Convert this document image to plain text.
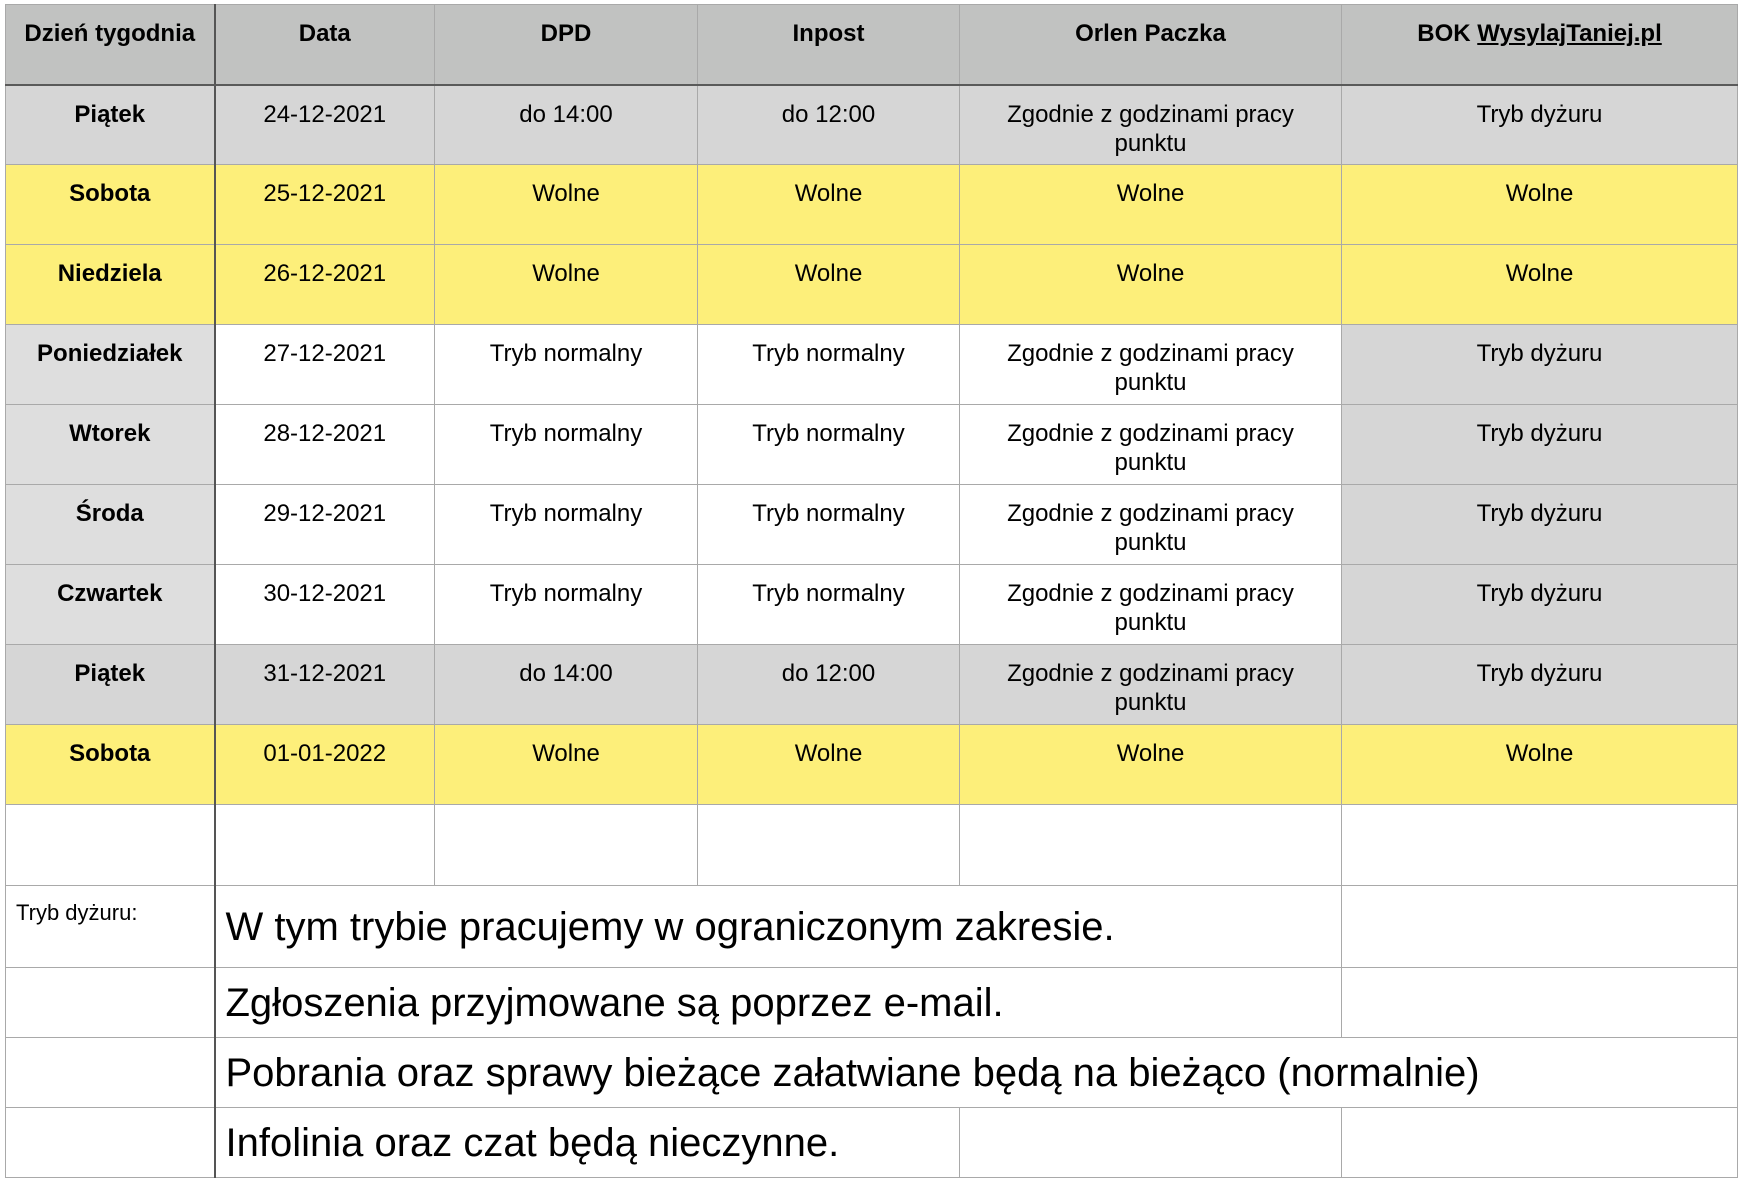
Dzień tygodnia	Data	DPD	Inpost	Orlen Paczka	BOK WysylajTaniej.pl
Piątek	24-12-2021	do 14:00	do 12:00	Zgodnie z godzinami pracy punktu	Tryb dyżuru
Sobota	25-12-2021	Wolne	Wolne	Wolne	Wolne
Niedziela	26-12-2021	Wolne	Wolne	Wolne	Wolne
Poniedziałek	27-12-2021	Tryb normalny	Tryb normalny	Zgodnie z godzinami pracy punktu	Tryb dyżuru
Wtorek	28-12-2021	Tryb normalny	Tryb normalny	Zgodnie z godzinami pracy punktu	Tryb dyżuru
Środa	29-12-2021	Tryb normalny	Tryb normalny	Zgodnie z godzinami pracy punktu	Tryb dyżuru
Czwartek	30-12-2021	Tryb normalny	Tryb normalny	Zgodnie z godzinami pracy punktu	Tryb dyżuru
Piątek	31-12-2021	do 14:00	do 12:00	Zgodnie z godzinami pracy punktu	Tryb dyżuru
Sobota	01-01-2022	Wolne	Wolne	Wolne	Wolne

Tryb dyżuru:	W tym trybie pracujemy w ograniczonym zakresie.				
	Zgłoszenia przyjmowane są poprzez e-mail.				
	Pobrania oraz sprawy bieżące załatwiane będą na bieżąco (normalnie)				
	Infolinia oraz czat będą nieczynne.				
